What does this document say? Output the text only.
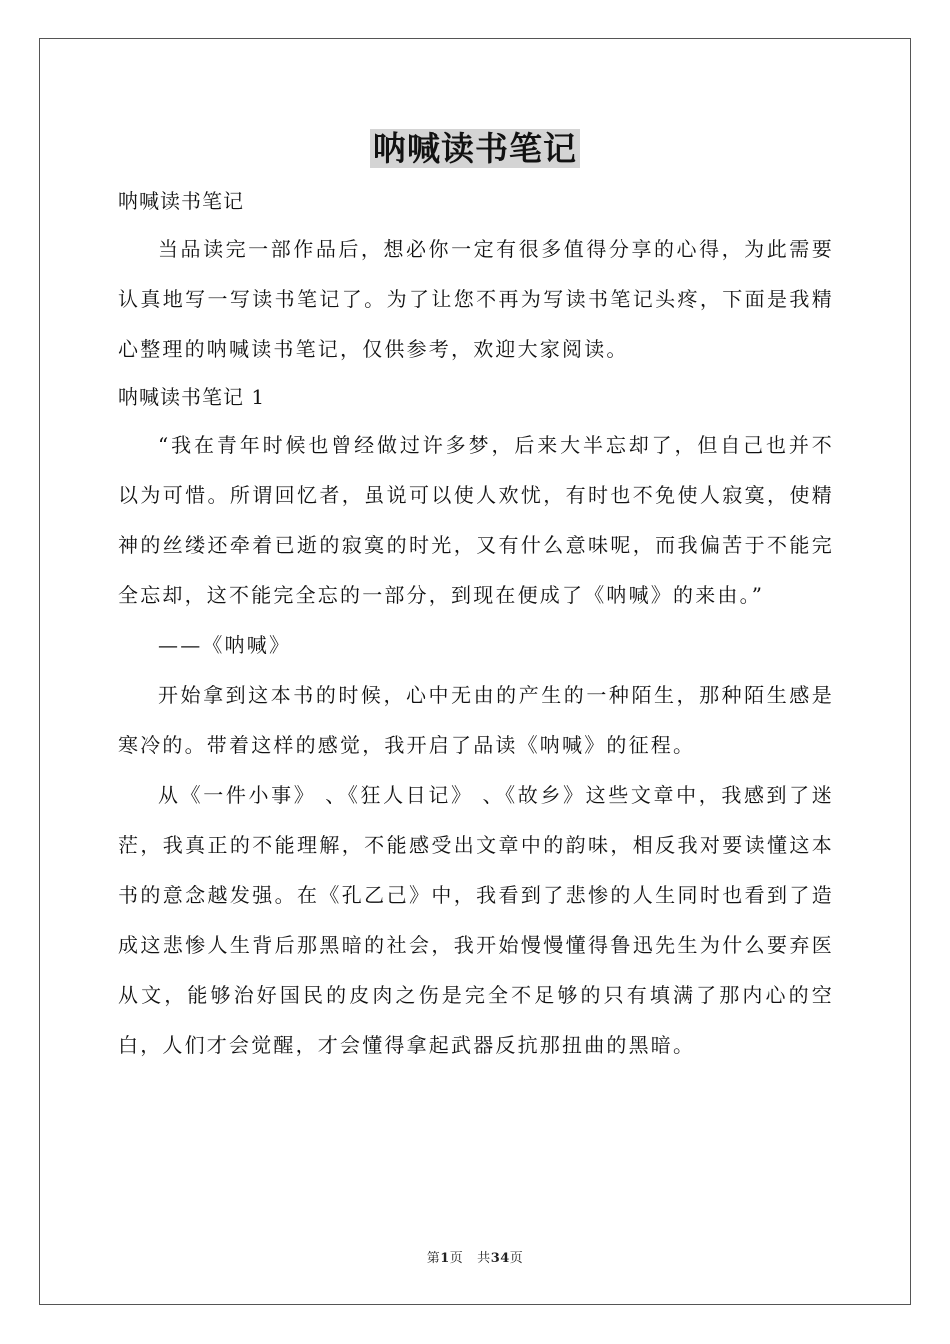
呐喊读书笔记

呐喊读书笔记

当品读完一部作品后，想必你一定有很多值得分享的心得，为此需要认真地写一写读书笔记了。为了让您不再为写读书笔记头疼，下面是我精心整理的呐喊读书笔记，仅供参考，欢迎大家阅读。

呐喊读书笔记 1

“我在青年时候也曾经做过许多梦，后来大半忘却了，但自己也并不以为可惜。所谓回忆者，虽说可以使人欢忧，有时也不免使人寂寞，使精神的丝缕还牵着已逝的寂寞的时光，又有什么意味呢，而我偏苦于不能完全忘却，这不能完全忘的一部分，到现在便成了《呐喊》的来由。”

——《呐喊》

开始拿到这本书的时候，心中无由的产生的一种陌生，那种陌生感是寒冷的。带着这样的感觉，我开启了品读《呐喊》的征程。

从《一件小事》 、《狂人日记》 、《故乡》这些文章中，我感到了迷茫，我真正的不能理解，不能感受出文章中的韵味，相反我对要读懂这本书的意念越发强。在《孔乙己》中，我看到了悲惨的人生同时也看到了造成这悲惨人生背后那黑暗的社会，我开始慢慢懂得鲁迅先生为什么要弃医从文，能够治好国民的皮肉之伤是完全不足够的只有填满了那内心的空白，人们才会觉醒，才会懂得拿起武器反抗那扭曲的黑暗。

第1页 共34页
